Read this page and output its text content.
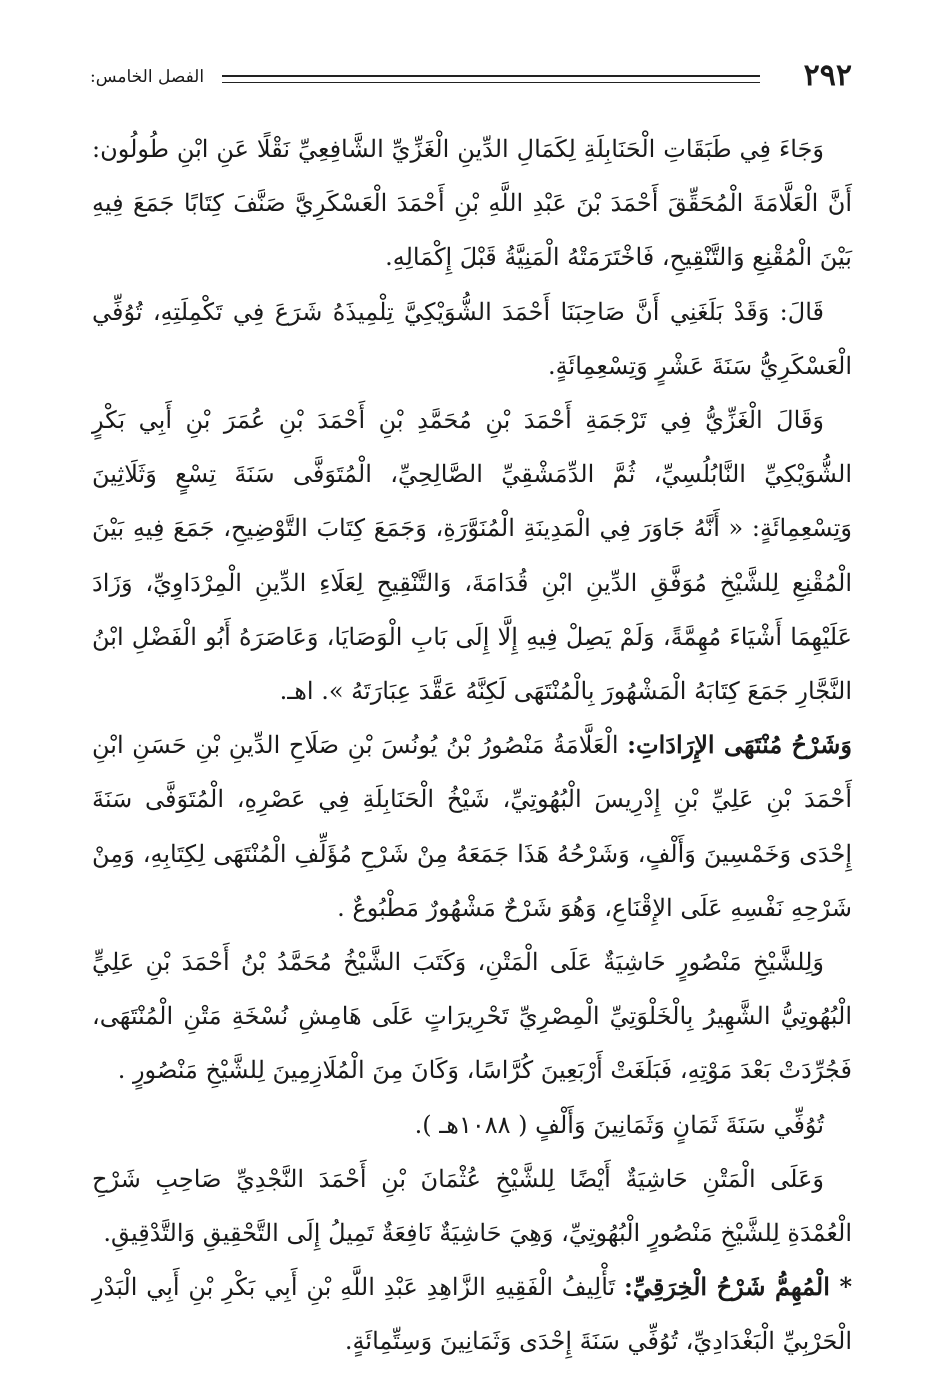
٢٩٢
الفصل الخامس:

وَجَاءَ فِي طَبَقَاتِ الْحَنَابِلَةِ لِكَمَالِ الدِّينِ الْغَزِّيِّ الشَّافِعِيِّ نَقْلًا عَنِ ابْنِ طُولُون: أَنَّ الْعَلَّامَةَ الْمُحَقِّقَ أَحْمَدَ بْنَ عَبْدِ اللَّهِ بْنِ أَحْمَدَ الْعَسْكَرِيَّ صَنَّفَ كِتَابًا جَمَعَ فِيهِ بَيْنَ الْمُقْنِعِ وَالتَّنْقِيحِ، فَاخْتَرَمَتْهُ الْمَنِيَّةُ قَبْلَ إِكْمَالِهِ.

قَالَ: وَقَدْ بَلَغَنِي أَنَّ صَاحِبَنَا أَحْمَدَ الشُّوَيْكِيَّ تِلْمِيذَهُ شَرَعَ فِي تَكْمِلَتِهِ، تُوُفِّي الْعَسْكَرِيُّ سَنَةَ عَشْرٍ وَتِسْعِمِائَةٍ.

وَقَالَ الْغَزِّيُّ فِي تَرْجَمَةِ أَحْمَدَ بْنِ مُحَمَّدِ بْنِ أَحْمَدَ بْنِ عُمَرَ بْنِ أَبِي بَكْرٍ الشُّوَيْكِيِّ النَّابُلُسِيِّ، ثُمَّ الدِّمَشْقِيِّ الصَّالِحِيِّ، الْمُتَوَفَّى سَنَةَ تِسْعٍ وَثَلَاثِينَ وَتِسْعِمِائَةٍ: « أَنَّهُ جَاوَرَ فِي الْمَدِينَةِ الْمُنَوَّرَةِ، وَجَمَعَ كِتَابَ التَّوْضِيحِ، جَمَعَ فِيهِ بَيْنَ الْمُقْنِعِ لِلشَّيْخِ مُوَفَّقِ الدِّينِ ابْنِ قُدَامَةَ، وَالتَّنْقِيحِ لِعَلَاءِ الدِّينِ الْمِرْدَاوِيِّ، وَزَادَ عَلَيْهِمَا أَشْيَاءَ مُهِمَّةً، وَلَمْ يَصِلْ فِيهِ إِلَّا إِلَى بَابِ الْوَصَايَا، وَعَاصَرَهُ أَبُو الْفَضْلِ ابْنُ النَّجَّارِ جَمَعَ كِتَابَهُ الْمَشْهُورَ بِالْمُنْتَهَى لَكِنَّهُ عَقَّدَ عِبَارَتَهُ ». اهـ.

وَشَرْحُ مُنْتَهَى الإِرَادَاتِ: الْعَلَّامَةُ مَنْصُورُ بْنُ يُونُسَ بْنِ صَلَاحِ الدِّينِ بْنِ حَسَنِ ابْنِ أَحْمَدَ بْنِ عَلِيِّ بْنِ إِدْرِيسَ الْبُهُوتِيِّ، شَيْخُ الْحَنَابِلَةِ فِي عَصْرِهِ، الْمُتَوَفَّى سَنَةَ إِحْدَى وَخَمْسِينَ وَأَلْفٍ، وَشَرْحُهُ هَذَا جَمَعَهُ مِنْ شَرْحِ مُؤَلِّفِ الْمُنْتَهَى لِكِتَابِهِ، وَمِنْ شَرْحِهِ نَفْسِهِ عَلَى الإِقْنَاعِ، وَهُوَ شَرْحٌ مَشْهُورٌ مَطْبُوعٌ .

وَلِلشَّيْخِ مَنْصُورٍ حَاشِيَةٌ عَلَى الْمَتْنِ، وَكَتَبَ الشَّيْخُ مُحَمَّدُ بْنُ أَحْمَدَ بْنِ عَلِيٍّ الْبُهُوتِيُّ الشَّهِيرُ بِالْخَلْوَتِيِّ الْمِصْرِيِّ تَحْرِيرَاتٍ عَلَى هَامِشِ نُسْخَةِ مَتْنِ الْمُنْتَهَى، فَجُرِّدَتْ بَعْدَ مَوْتِهِ، فَبَلَغَتْ أَرْبَعِينَ كُرَّاسًا، وَكَانَ مِنَ الْمُلَازِمِينَ لِلشَّيْخِ مَنْصُورٍ .

تُوُفِّي سَنَةَ ثَمَانٍ وَثَمَانِينَ وَأَلْفٍ ( ١٠٨٨هـ ).

وَعَلَى الْمَتْنِ حَاشِيَةٌ أَيْضًا لِلشَّيْخِ عُثْمَانَ بْنِ أَحْمَدَ النَّجْدِيِّ صَاحِبِ شَرْحِ الْعُمْدَةِ لِلشَّيْخِ مَنْصُورٍ الْبُهُوتِيِّ، وَهِيَ حَاشِيَةٌ نَافِعَةٌ تَمِيلُ إِلَى التَّحْقِيقِ وَالتَّدْقِيقِ.

* الْمُهِمُّ شَرْحُ الْخِرَقِيِّ: تَأْلِيفُ الْفَقِيهِ الزَّاهِدِ عَبْدِ اللَّهِ بْنِ أَبِي بَكْرِ بْنِ أَبِي الْبَدْرِ الْحَرْبِيِّ الْبَغْدَادِيِّ، تُوُفِّي سَنَةَ إِحْدَى وَثَمَانِينَ وَسِتِّمِائَةٍ.
